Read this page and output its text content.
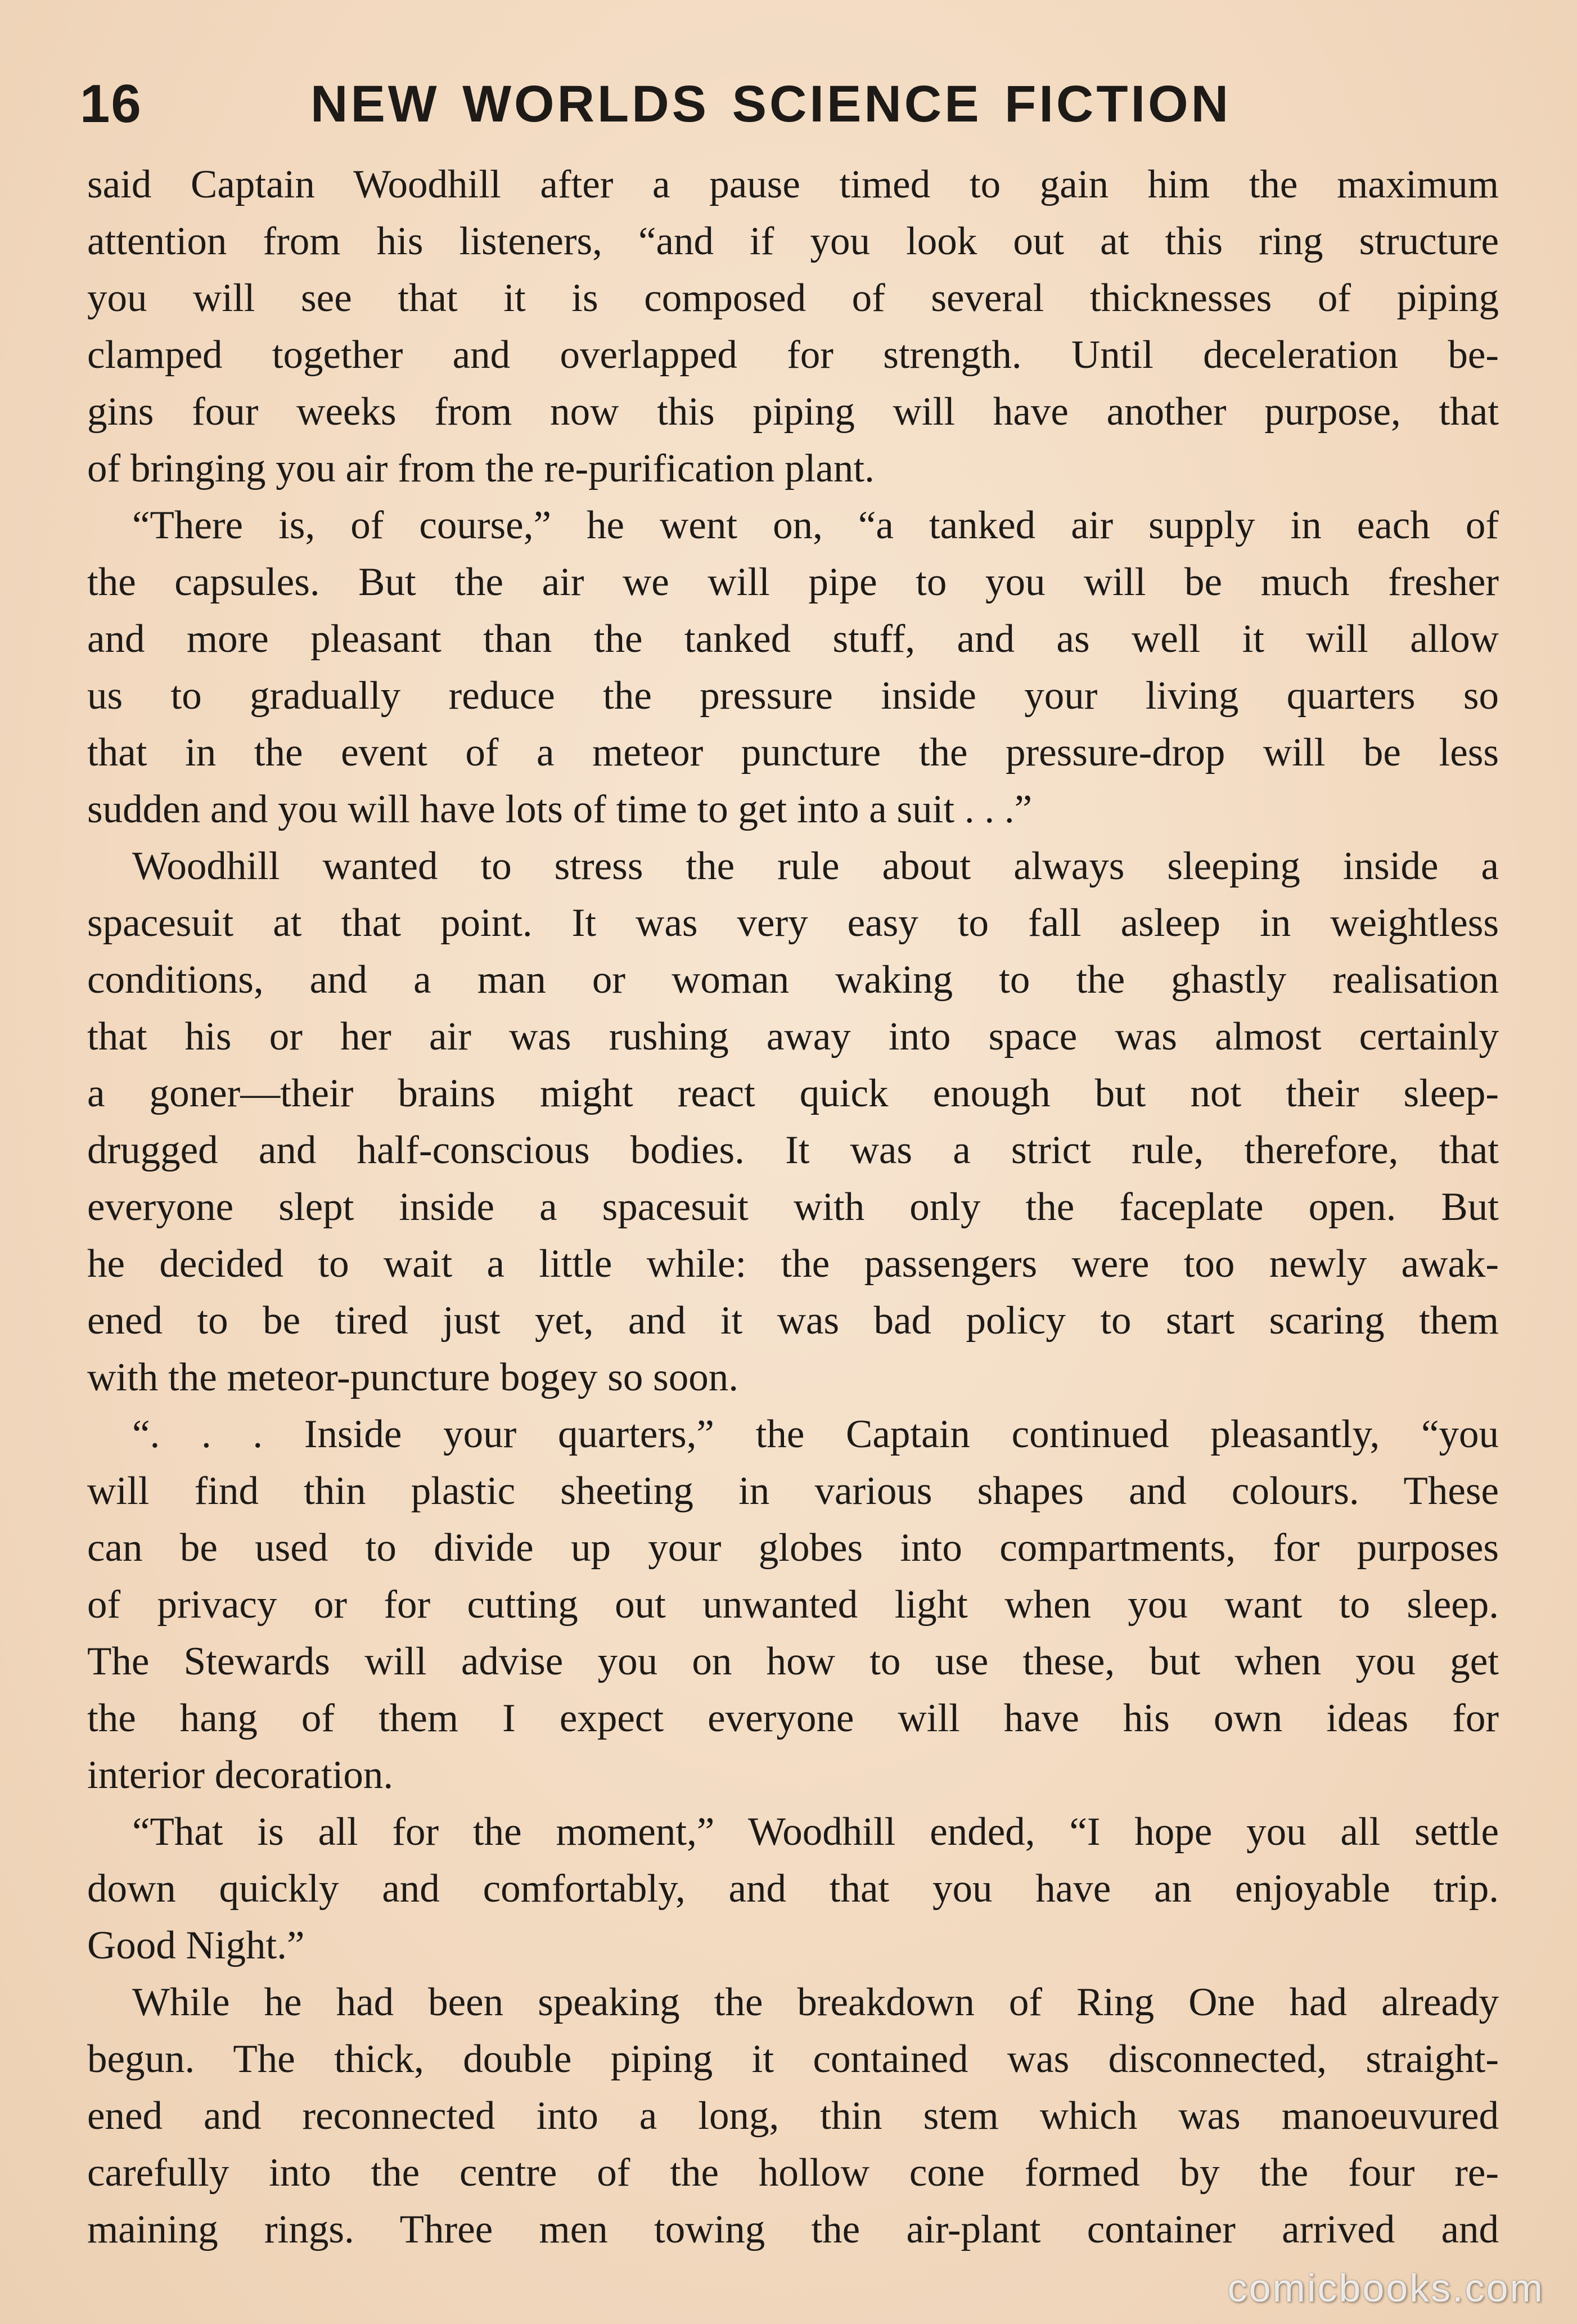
16	NEW WORLDS SCIENCE FICTION
said Captain Woodhill after a pause timed to gain him the maximum
attention from his listeners, “and if you look out at this ring structure
you will see that it is composed of several thicknesses of piping
clamped together and overlapped for strength. Until deceleration be-
gins four weeks from now this piping will have another purpose, that
of bringing you air from the re-purification plant.
“There is, of course,” he went on, “a tanked air supply in each of
the capsules. But the air we will pipe to you will be much fresher
and more pleasant than the tanked stuff, and as well it will allow
us to gradually reduce the pressure inside your living quarters so
that in the event of a meteor puncture the pressure-drop will be less
sudden and you will have lots of time to get into a suit . . .”
Woodhill wanted to stress the rule about always sleeping inside a
spacesuit at that point. It was very easy to fall asleep in weightless
conditions, and a man or woman waking to the ghastly realisation
that his or her air was rushing away into space was almost certainly
a goner—their brains might react quick enough but not their sleep-
drugged and half-conscious bodies. It was a strict rule, therefore, that
everyone slept inside a spacesuit with only the faceplate open. But
he decided to wait a little while: the passengers were too newly awak-
ened to be tired just yet, and it was bad policy to start scaring them
with the meteor-puncture bogey so soon.
“. . . Inside your quarters,” the Captain continued pleasantly, “you
will find thin plastic sheeting in various shapes and colours. These
can be used to divide up your globes into compartments, for purposes
of privacy or for cutting out unwanted light when you want to sleep.
The Stewards will advise you on how to use these, but when you get
the hang of them I expect everyone will have his own ideas for
interior decoration.
“That is all for the moment,” Woodhill ended, “I hope you all settle
down quickly and comfortably, and that you have an enjoyable trip.
Good Night.”
While he had been speaking the breakdown of Ring One had already
begun. The thick, double piping it contained was disconnected, straight-
ened and reconnected into a long, thin stem which was manoeuvured
carefully into the centre of the hollow cone formed by the four re-
maining rings. Three men towing the air-plant container arrived and
comicbooks.com
